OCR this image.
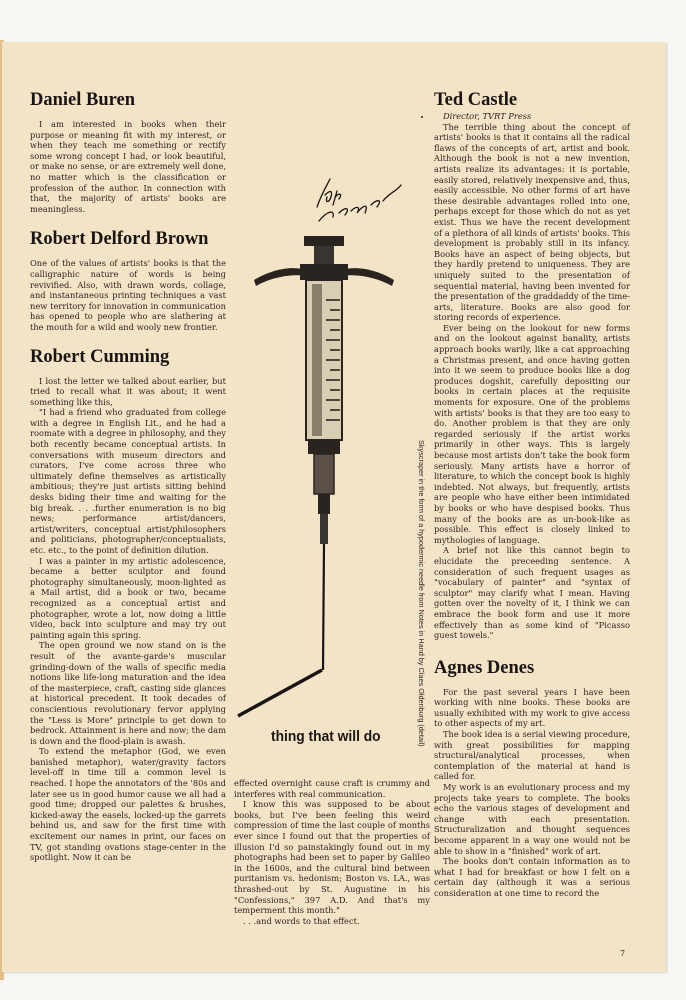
Daniel Buren

I am interested in books when their purpose or meaning fit with my interest, or when they teach me something or rectify some wrong concept I had, or look beautiful, or make no sense, or are extremely well done, no matter which is the classification or profession of the author. In connection with that, the majority of artists' books are meaningless.

Robert Delford Brown

One of the values of artists' books is that the calligraphic nature of words is being revivified. Also, with drawn words, collage, and instantaneous printing techniques a vast new territory for innovation in communication has opened to people who are slathering at the mouth for a wild and wooly new frontier.

Robert Cumming

I lost the letter we talked about earlier, but tried to recall what it was about; it went something like this,

"I had a friend who graduated from college with a degree in English Lit., and he had a roomate with a degree in philosophy, and they both recently became conceptual artists. In conversations with museum directors and curators, I've come across three who ultimately define themselves as artistically ambitious; they're just artists sitting behind desks biding their time and waiting for the big break. . . .further enumeration is no big news; performance artist/dancers, artist/writers, conceptual artist/philosophers and politicians, photographer/conceptualists, etc. etc., to the point of definition dilution.

I was a painter in my artistic adolescence, became a better sculptor and found photography simultaneously, moon-lighted as a Mail artist, did a book or two, became recognized as a conceptual artist and photographer, wrote a lot, now doing a little video, back into sculpture and may try out painting again this spring.

The open ground we now stand on is the result of the avante-garde's muscular grinding-down of the walls of specific media notions like life-long maturation and the idea of the masterpiece, craft, casting side glances at historical precedent. It took decades of conscientious revolutionary fervor applying the "Less is More" principle to get down to bedrock. Attainment is here and now; the dam is down and the flood-plain is awash.

To extend the metaphor (God, we even banished metaphor), water/gravity factors level-off in time till a common level is reached. I hope the annotators of the '80s and later see us in good humor cause we all had a good time; dropped our palettes & brushes, kicked-away the easels, locked-up the garrets behind us, and saw for the first time with excitement our names in print, our faces on TV, got standing ovations stage-center in the spotlight. Now it can be

thing that will do	Skyscraper in the form of a hypodermic needle from Notes in Hand by Claes Oldenburg (detail)

effected overnight cause craft is crummy and interferes with real communication.

I know this was supposed to be about books, but I've been feeling this weird compression of time the last couple of months ever since I found out that the properties of illusion I'd so painstakingly found out in my photographs had been set to paper by Galileo in the 1600s, and the cultural bind between puritanism vs. hedonism; Boston vs. LA., was thrashed-out by St. Augustine in his "Confessions," 397 A.D. And that's my temperment this month."

. . .and words to that effect.

Ted Castle

Director, TVRT Press

The terrible thing about the concept of artists' books is that it contains all the radical flaws of the concepts of art, artist and book. Although the book is not a new invention, artists realize its advantages: it is portable, easily stored, relatively inexpensive and, thus, easily accessible. No other forms of art have these desirable advantages rolled into one, perhaps except for those which do not as yet exist. Thus we have the recent development of a plethora of all kinds of artists' books. This development is probably still in its infancy. Books have an aspect of being objects, but they hardly pretend to uniqueness. They are uniquely suited to the presentation of sequential material, having been invented for the presentation of the graddaddy of the time-arts, literature. Books are also good for storing records of experience.

Ever being on the lookout for new forms and on the lookout against banality, artists approach books warily, like a cat approaching a Christmas present, and once having gotten into it we seem to produce books like a dog produces dogshit, carefully depositing our books in certain places at the requisite moments for exposure. One of the problems with artists' books is that they are too easy to do. Another problem is that they are only regarded seriously if the artist works primarily in other ways. This is largely because most artists don't take the book form seriously. Many artists have a horror of literature, to which the concept book is highly indebted. Not always, but frequently, artists are people who have either been intimidated by books or who have despised books. Thus many of the books are as un-book-like as possible. This effect is closely linked to mythologies of language.

A brief not like this cannot begin to elucidate the preceeding sentence. A consideration of such frequent usages as "vocabulary of painter" and "syntax of sculptor" may clarify what I mean. Having gotten over the novelty of it, I think we can embrace the book form and use it more effectively than as some kind of "Picasso guest towels."

Agnes Denes

For the past several years I have been working with nine books. These books are usually exhibited with my work to give access to other aspects of my art.

The book idea is a serial viewing procedure, with great possibilities for mapping structural/analytical processes, when contemplation of the material at hand is called for.

My work is an evolutionary process and my projects take years to complete. The books echo the various stages of development and change with each presentation. Structuralization and thought sequences become apparent in a way one would not be able to show in a "finished" work of art.

The books don't contain information as to what I had for breakfast or how I felt on a certain day (although it was a serious consideration at one time to record the

7
